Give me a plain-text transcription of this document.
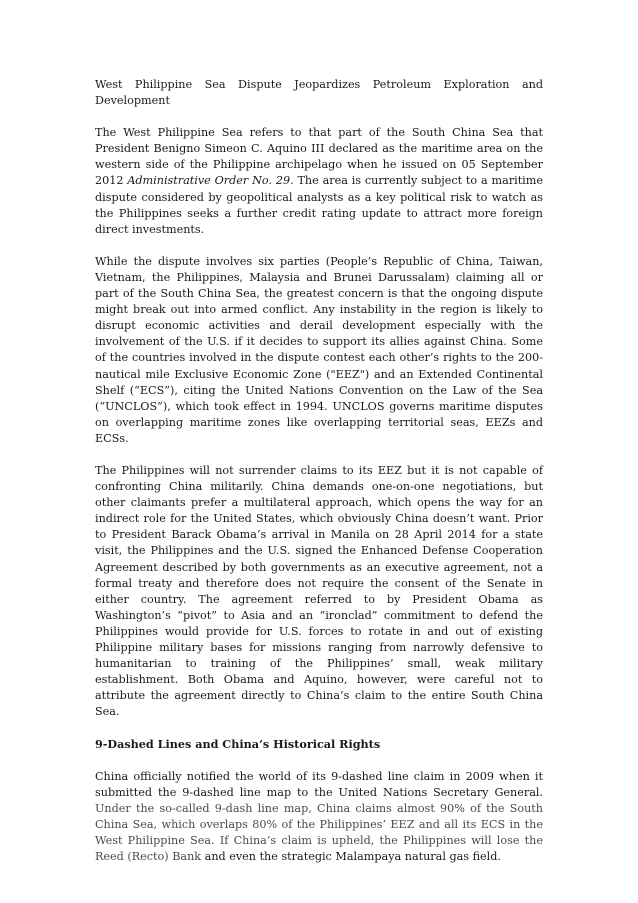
West Philippine Sea Dispute Jeopardizes Petroleum Exploration and
Development

The West Philippine Sea refers to that part of the South China Sea that President Benigno Simeon C. Aquino III declared as the maritime area on the western side of the Philippine archipelago when he issued on 05 September 2012 Administrative Order No. 29. The area is currently subject to a maritime dispute considered by geopolitical analysts as a key political risk to watch as the Philippines seeks a further credit rating update to attract more foreign direct investments.

While the dispute involves six parties (People’s Republic of China, Taiwan, Vietnam, the Philippines, Malaysia and Brunei Darussalam) claiming all or part of the South China Sea, the greatest concern is that the ongoing dispute might break out into armed conflict. Any instability in the region is likely to disrupt economic activities and derail development especially with the involvement of the U.S. if it decides to support its allies against China. Some of the countries involved in the dispute contest each other’s rights to the 200-nautical mile Exclusive Economic Zone ("EEZ") and an Extended Continental Shelf (“ECS”), citing the United Nations Convention on the Law of the Sea (“UNCLOS”), which took effect in 1994. UNCLOS governs maritime disputes on overlapping maritime zones like overlapping territorial seas, EEZs and ECSs.

The Philippines will not surrender claims to its EEZ but it is not capable of confronting China militarily. China demands one-on-one negotiations, but other claimants prefer a multilateral approach, which opens the way for an indirect role for the United States, which obviously China doesn’t want. Prior to President Barack Obama’s arrival in Manila on 28 April 2014 for a state visit, the Philippines and the U.S. signed the Enhanced Defense Cooperation Agreement described by both governments as an executive agreement, not a formal treaty and therefore does not require the consent of the Senate in either country. The agreement referred to by President Obama as Washington’s “pivot” to Asia and an “ironclad” commitment to defend the Philippines would provide for U.S. forces to rotate in and out of existing Philippine military bases for missions ranging from narrowly defensive to humanitarian to training of the Philippines’ small, weak military establishment. Both Obama and Aquino, however, were careful not to attribute the agreement directly to China’s claim to the entire South China Sea.

9-Dashed Lines and China’s Historical Rights

China officially notified the world of its 9-dashed line claim in 2009 when it submitted the 9-dashed line map to the United Nations Secretary General. Under the so-called 9-dash line map, China claims almost 90% of the South China Sea, which overlaps 80% of the Philippines’ EEZ and all its ECS in the West Philippine Sea. If China’s claim is upheld, the Philippines will lose the Reed (Recto) Bank and even the strategic Malampaya natural gas field.
